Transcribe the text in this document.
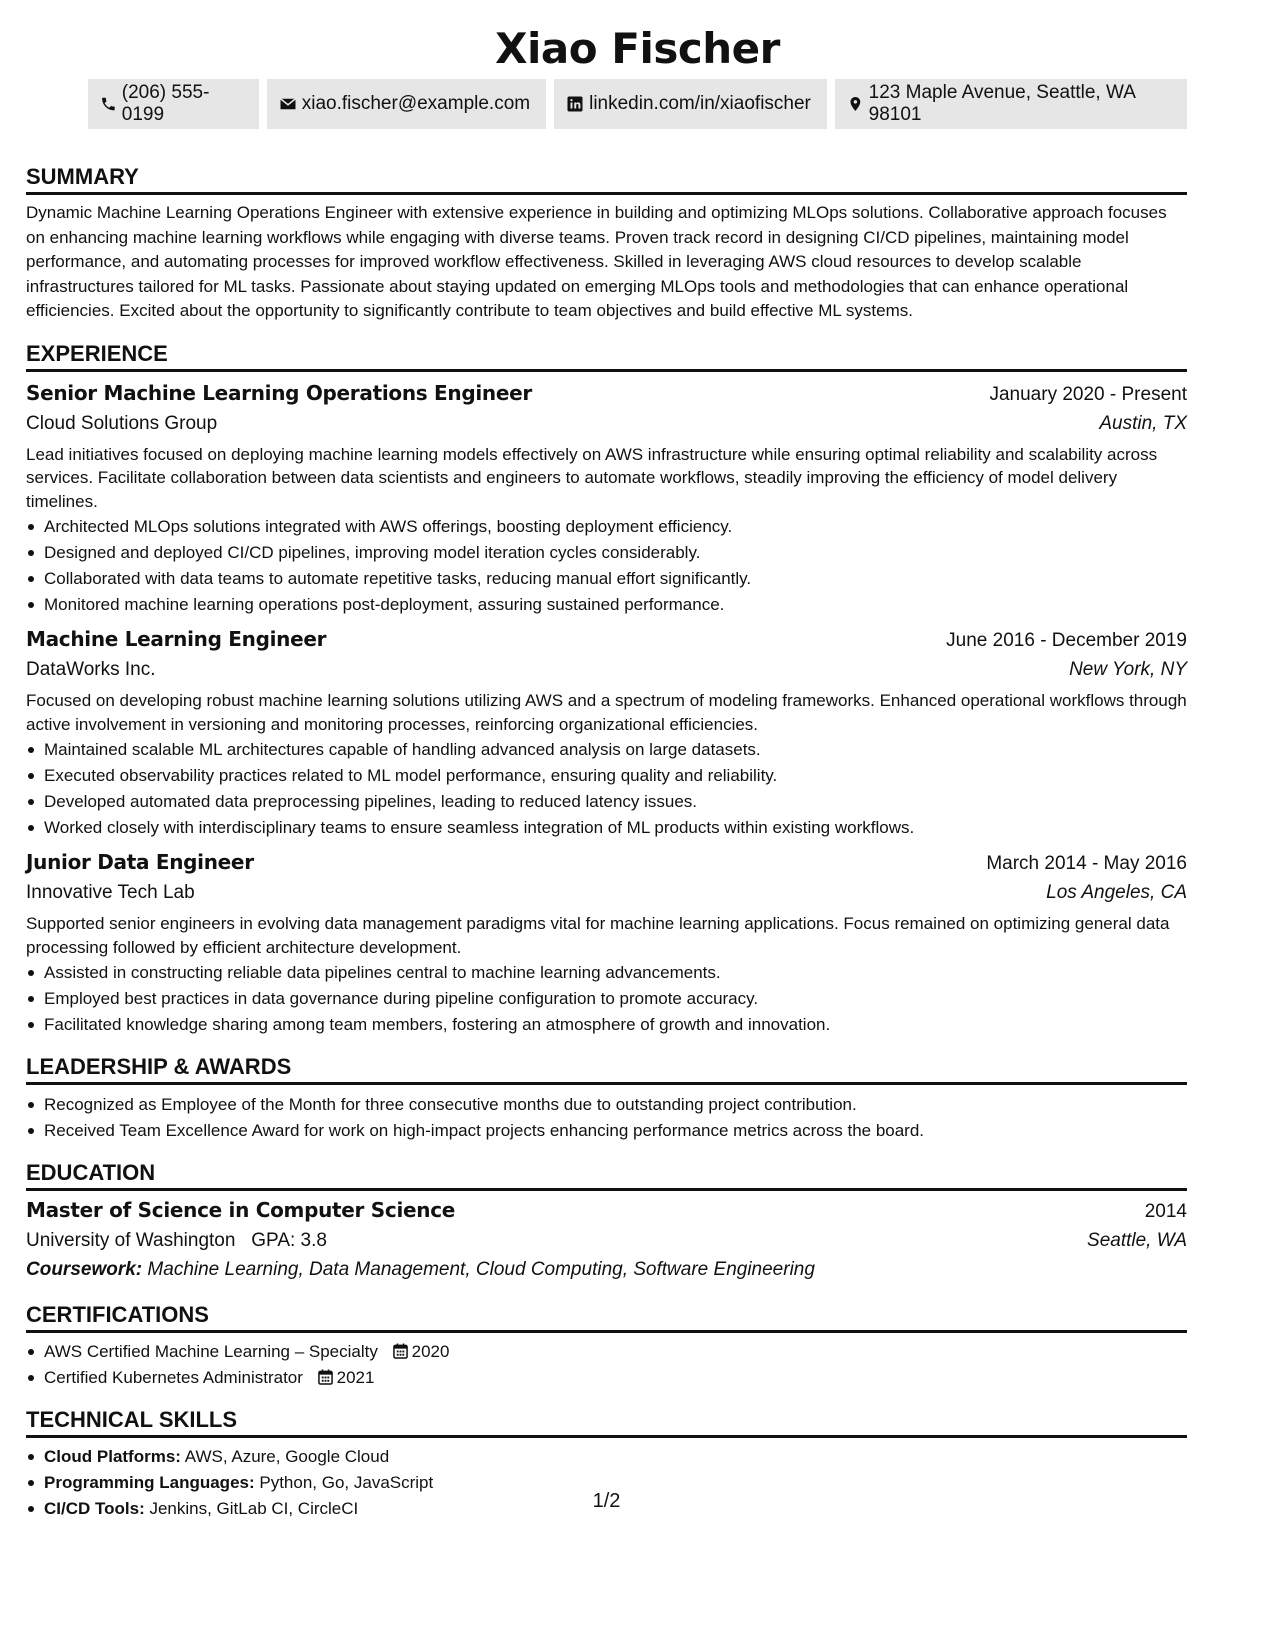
Xiao Fischer
(206) 555-0199
xiao.fischer@example.com	linkedin.com/in/xiaofischer
123 Maple Avenue, Seattle, WA 98101
SUMMARY

Dynamic Machine Learning Operations Engineer with extensive experience in building and optimizing MLOps solutions. Collaborative approach focuses on enhancing machine learning workflows while engaging with diverse teams. Proven track record in designing CI/CD pipelines, maintaining model performance, and automating processes for improved workflow effectiveness. Skilled in leveraging AWS cloud resources to develop scalable infrastructures tailored for ML tasks. Passionate about staying updated on emerging MLOps tools and methodologies that can enhance operational efficiencies. Excited about the opportunity to significantly contribute to team objectives and build effective ML systems.

EXPERIENCE
Senior Machine Learning Operations Engineer	January 2020 - Present
Cloud Solutions Group	Austin, TX

Lead initiatives focused on deploying machine learning models effectively on AWS infrastructure while ensuring optimal reliability and scalability across services. Facilitate collaboration between data scientists and engineers to automate workflows, steadily improving the efficiency of model delivery timelines.

Architected MLOps solutions integrated with AWS offerings, boosting deployment efficiency.
Designed and deployed CI/CD pipelines, improving model iteration cycles considerably.
Collaborated with data teams to automate repetitive tasks, reducing manual effort significantly.
Monitored machine learning operations post-deployment, assuring sustained performance.
Machine Learning Engineer	June 2016 - December 2019
DataWorks Inc.	New York, NY

Focused on developing robust machine learning solutions utilizing AWS and a spectrum of modeling frameworks. Enhanced operational workflows through active involvement in versioning and monitoring processes, reinforcing organizational efficiencies.

Maintained scalable ML architectures capable of handling advanced analysis on large datasets.
Executed observability practices related to ML model performance, ensuring quality and reliability.
Developed automated data preprocessing pipelines, leading to reduced latency issues.
Worked closely with interdisciplinary teams to ensure seamless integration of ML products within existing workflows.
Junior Data Engineer	March 2014 - May 2016
Innovative Tech Lab	Los Angeles, CA

Supported senior engineers in evolving data management paradigms vital for machine learning applications. Focus remained on optimizing general data processing followed by efficient architecture development.

Assisted in constructing reliable data pipelines central to machine learning advancements.
Employed best practices in data governance during pipeline configuration to promote accuracy.
Facilitated knowledge sharing among team members, fostering an atmosphere of growth and innovation.
LEADERSHIP & AWARDS
Recognized as Employee of the Month for three consecutive months due to outstanding project contribution.
Received Team Excellence Award for work on high-impact projects enhancing performance metrics across the board.
EDUCATION
Master of Science in Computer Science	2014
University of Washington GPA: 3.8	Seattle, WA
Coursework: Machine Learning, Data Management, Cloud Computing, Software Engineering
CERTIFICATIONS
AWS Certified Machine Learning – Specialty 2020
Certified Kubernetes Administrator 2021
TECHNICAL SKILLS
Cloud Platforms: AWS, Azure, Google Cloud
Programming Languages: Python, Go, JavaScript
CI/CD Tools: Jenkins, GitLab CI, CircleCI	1/2
